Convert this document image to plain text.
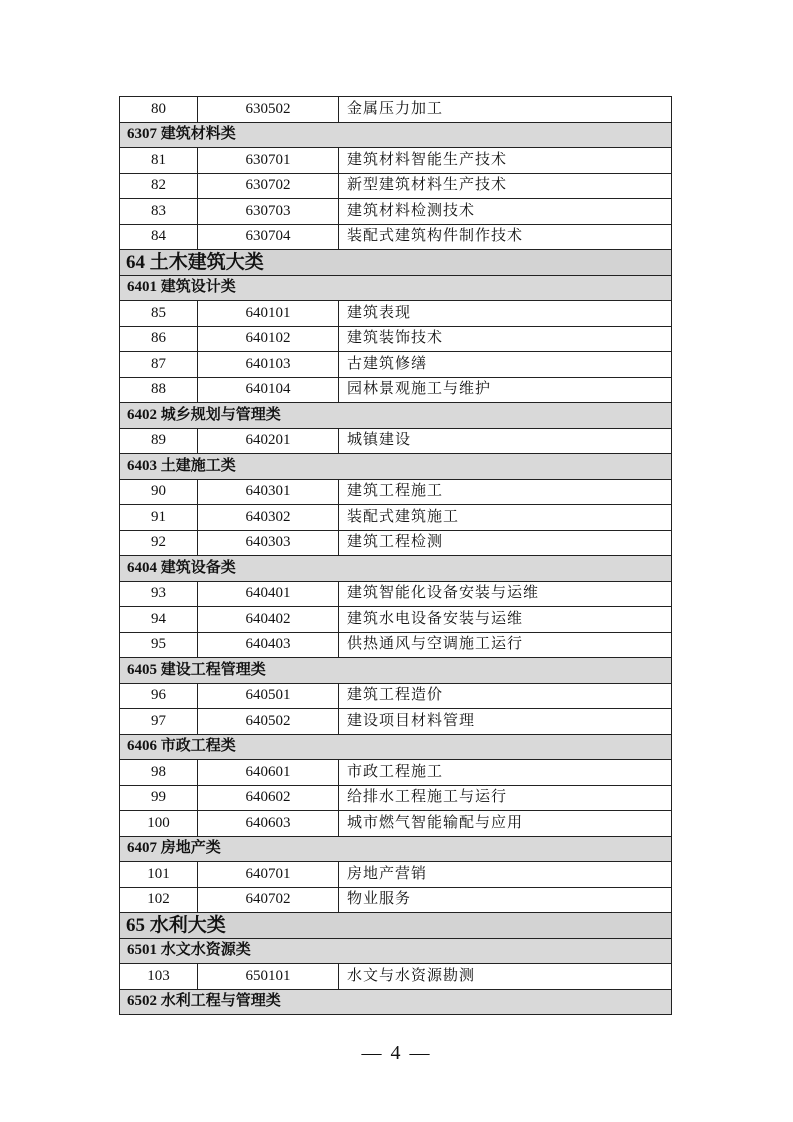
80	630502	金属压力加工
6307 建筑材料类		
81	630701	建筑材料智能生产技术
82	630702	新型建筑材料生产技术
83	630703	建筑材料检测技术
84	630704	装配式建筑构件制作技术
64 土木建筑大类		
6401 建筑设计类		
85	640101	建筑表现
86	640102	建筑装饰技术
87	640103	古建筑修缮
88	640104	园林景观施工与维护
6402 城乡规划与管理类		
89	640201	城镇建设
6403 土建施工类		
90	640301	建筑工程施工
91	640302	装配式建筑施工
92	640303	建筑工程检测
6404 建筑设备类		
93	640401	建筑智能化设备安装与运维
94	640402	建筑水电设备安装与运维
95	640403	供热通风与空调施工运行
6405 建设工程管理类		
96	640501	建筑工程造价
97	640502	建设项目材料管理
6406 市政工程类		
98	640601	市政工程施工
99	640602	给排水工程施工与运行
100	640603	城市燃气智能输配与应用
6407 房地产类		
101	640701	房地产营销
102	640702	物业服务
65 水利大类		
6501 水文水资源类		
103	650101	水文与水资源勘测
6502 水利工程与管理类		
— 4 —
